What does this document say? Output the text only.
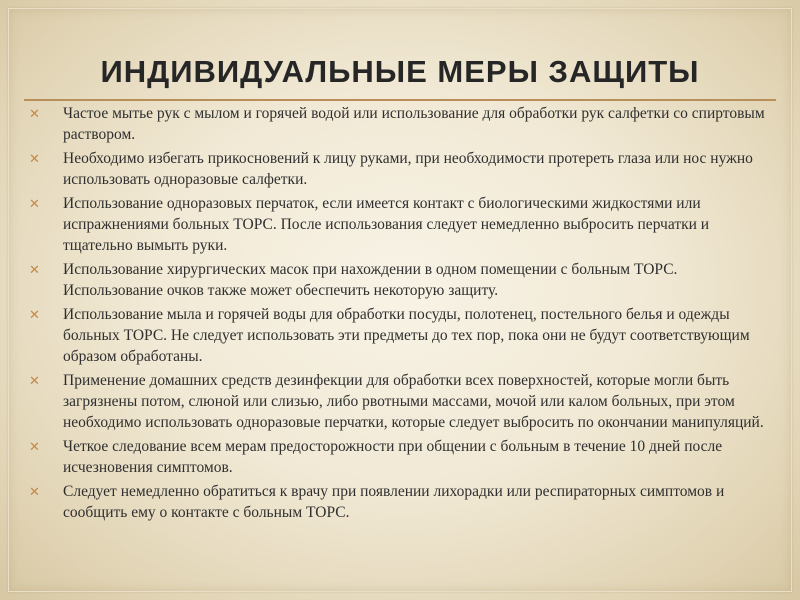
ИНДИВИДУАЛЬНЫЕ МЕРЫ ЗАЩИТЫ
✕ Частое мытье рук с мылом и горячей водой или использование для обработки рук салфетки со спиртовым раствором.
✕ Необходимо избегать прикосновений к лицу руками, при необходимости протереть глаза или нос нужно использовать одноразовые салфетки.
✕ Использование одноразовых перчаток, если имеется контакт с биологическими жидкостями или испражнениями больных ТОРС. После использования следует немедленно выбросить перчатки и тщательно вымыть руки.
✕ Использование хирургических масок при нахождении в одном помещении с больным ТОРС. Использование очков также может обеспечить некоторую защиту.
✕ Использование мыла и горячей воды для обработки посуды, полотенец, постельного белья и одежды больных ТОРС. Не следует использовать эти предметы до тех пор, пока они не будут соответствующим образом обработаны.
✕ Применение домашних средств дезинфекции для обработки всех поверхностей, которые могли быть загрязнены потом, слюной или слизью, либо рвотными массами, мочой или калом больных, при этом необходимо использовать одноразовые перчатки, которые следует выбросить по окончании манипуляций.
✕ Четкое следование всем мерам предосторожности при общении с больным в течение 10 дней после исчезновения симптомов.
✕ Следует немедленно обратиться к врачу при появлении лихорадки или респираторных симптомов и сообщить ему о контакте с больным ТОРС.
